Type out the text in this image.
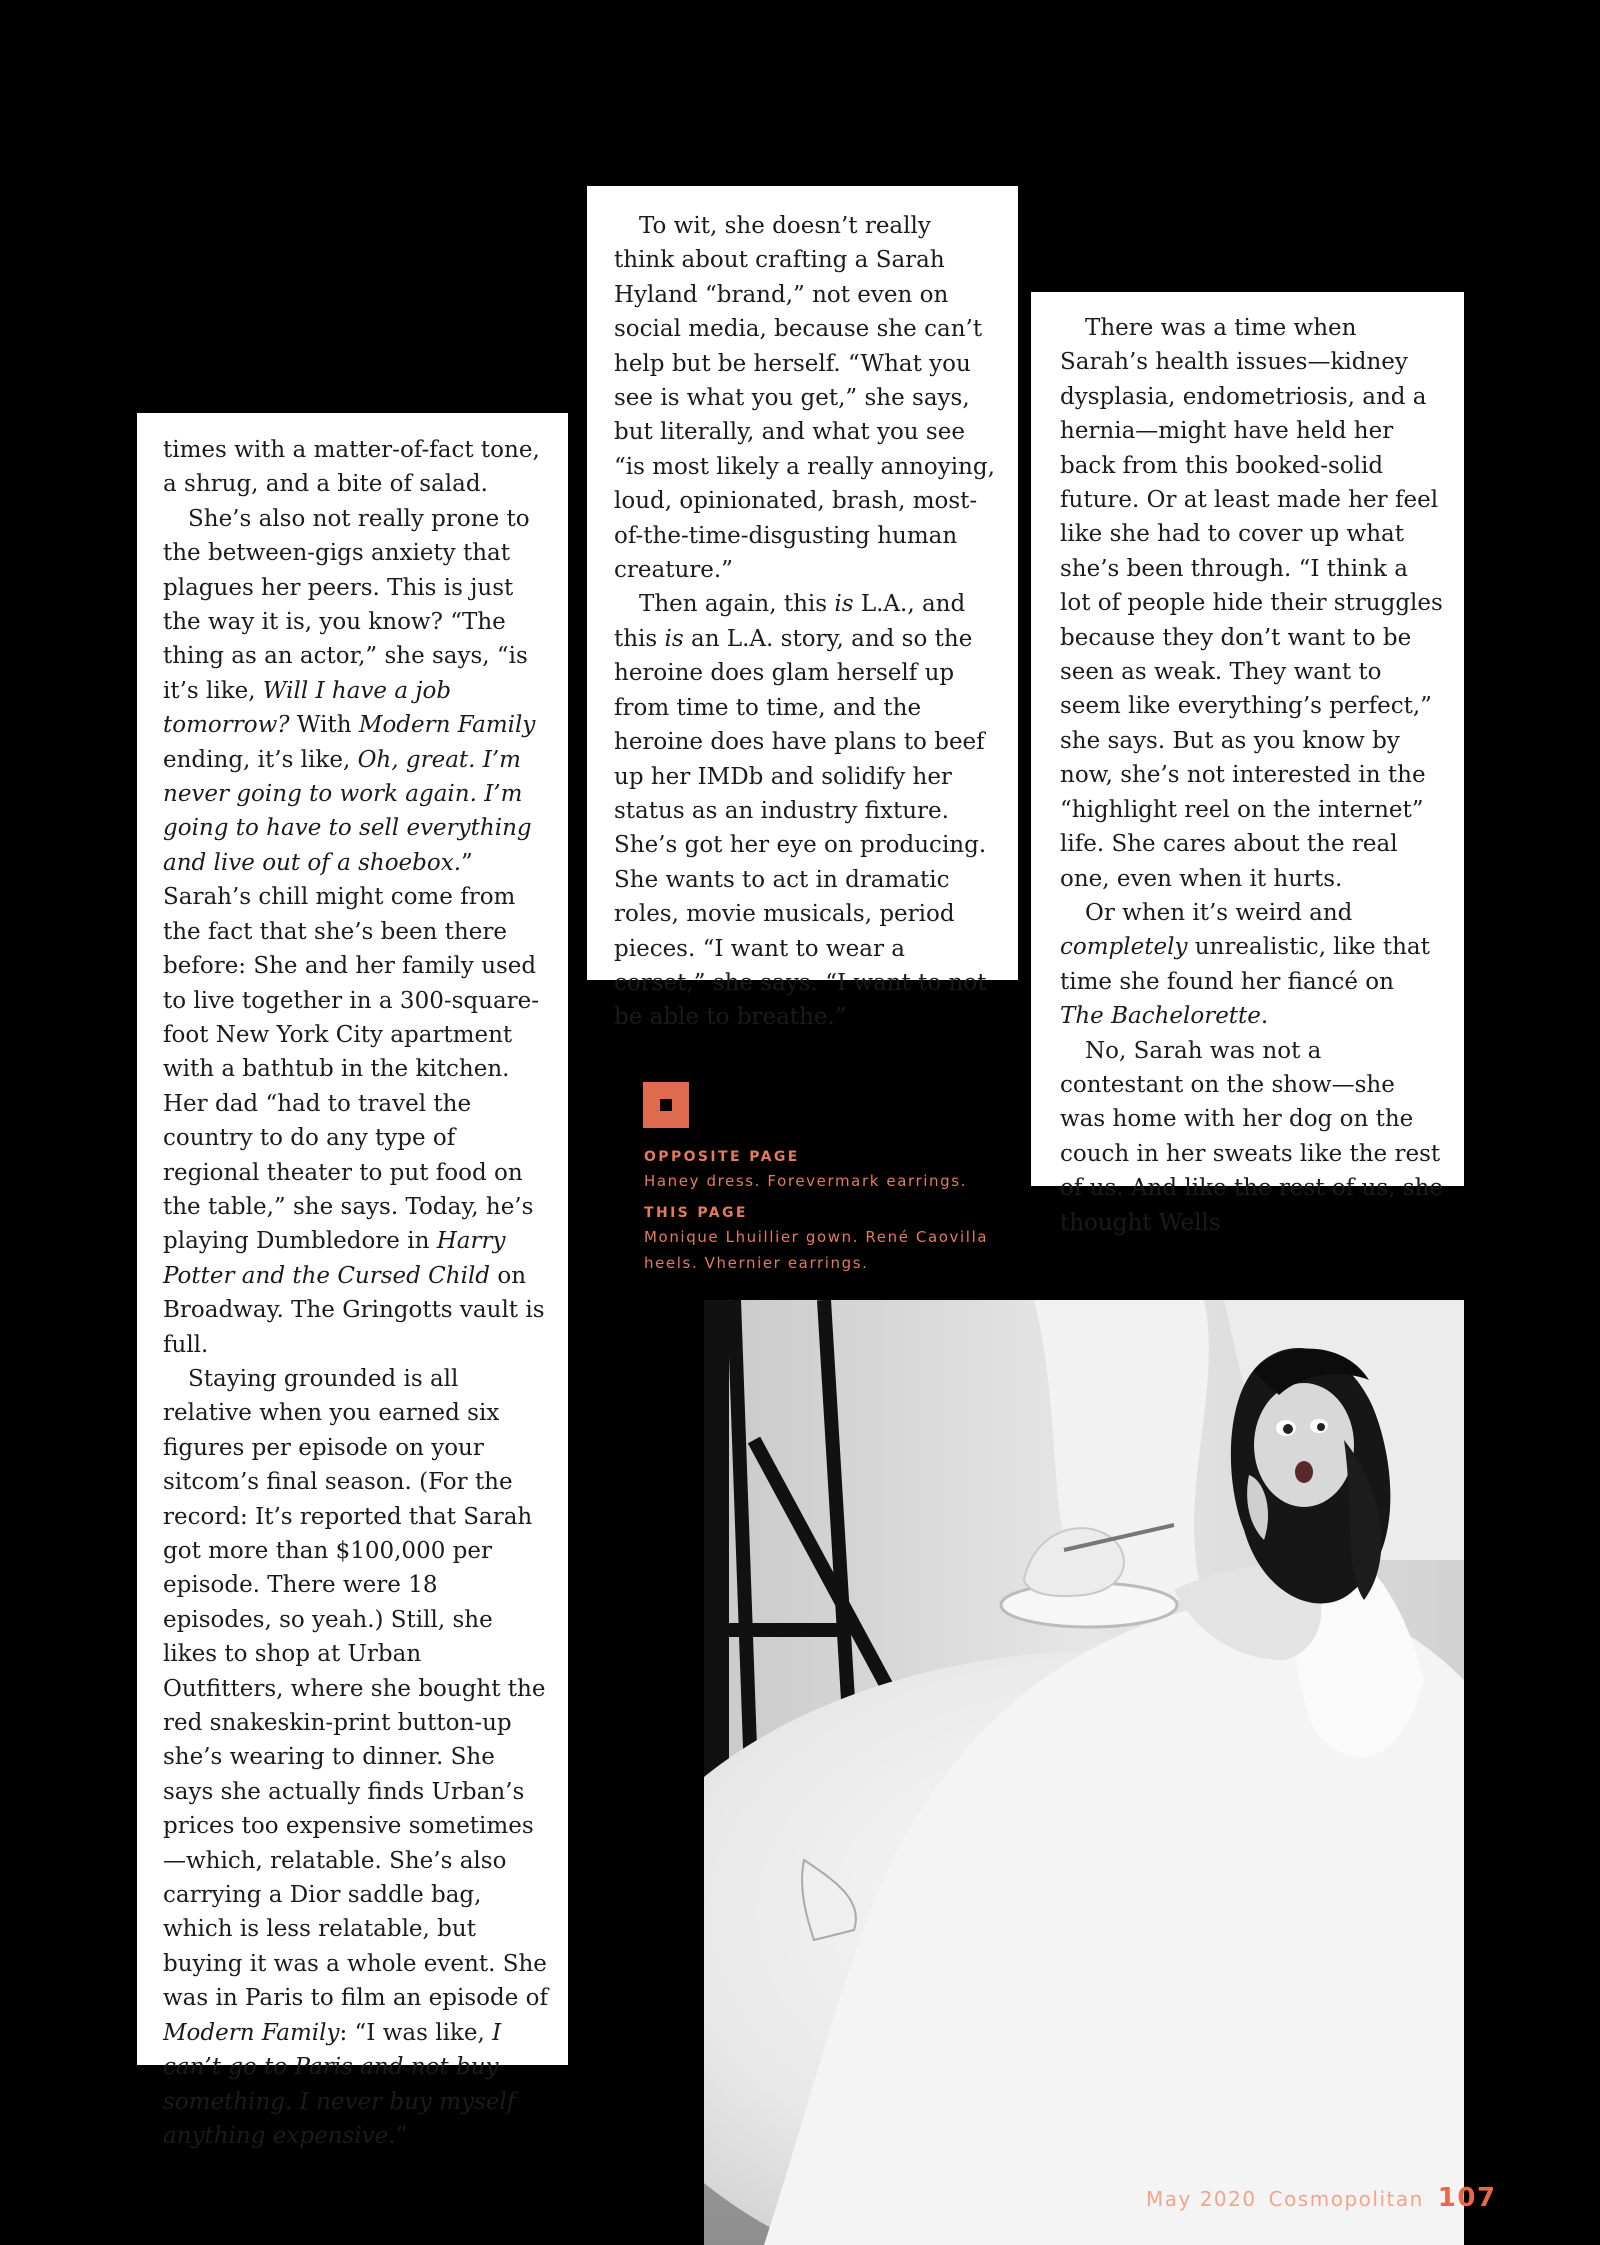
times with a matter-of-fact tone, a shrug, and a bite of salad.

She’s also not really prone to the between-gigs anxiety that plagues her peers. This is just the way it is, you know? “The thing as an actor,” she says, “is it’s like, Will I have a job tomorrow? With Modern Family ending, it’s like, Oh, great. I’m never going to work again. I’m going to have to sell everything and live out of a shoebox.” Sarah’s chill might come from the fact that she’s been there before: She and her family used to live together in a 300-square-foot New York City apartment with a bathtub in the kitchen. Her dad “had to travel the country to do any type of regional theater to put food on the table,” she says. Today, he’s playing Dumbledore in Harry Potter and the Cursed Child on Broadway. The Gringotts vault is full.

Staying grounded is all relative when you earned six figures per episode on your sitcom’s final season. (For the record: It’s reported that Sarah got more than $100,000 per episode. There were 18 episodes, so yeah.) Still, she likes to shop at Urban Outfitters, where she bought the red snakeskin-print button-up she’s wearing to dinner. She says she actually finds Urban’s prices too expensive sometimes—which, relatable. She’s also carrying a Dior saddle bag, which is less relatable, but buying it was a whole event. She was in Paris to film an episode of Modern Family: “I was like, I can’t go to Paris and not buy something. I never buy myself anything expensive.”

To wit, she doesn’t really think about crafting a Sarah Hyland “brand,” not even on social media, because she can’t help but be herself. “What you see is what you get,” she says, but literally, and what you see “is most likely a really annoying, loud, opinionated, brash, most-of-the-time-disgusting human creature.”

Then again, this is L.A., and this is an L.A. story, and so the heroine does glam herself up from time to time, and the heroine does have plans to beef up her IMDb and solidify her status as an industry fixture. She’s got her eye on producing. She wants to act in dramatic roles, movie musicals, period pieces. “I want to wear a corset,” she says. “I want to not be able to breathe.”

There was a time when Sarah’s health issues—kidney dysplasia, endometriosis, and a hernia—might have held her back from this booked-solid future. Or at least made her feel like she had to cover up what she’s been through. “I think a lot of people hide their struggles because they don’t want to be seen as weak. They want to seem like everything’s perfect,” she says. But as you know by now, she’s not interested in the “highlight reel on the internet” life. She cares about the real one, even when it hurts.

Or when it’s weird and completely unrealistic, like that time she found her fiancé on The Bachelorette.

No, Sarah was not a contestant on the show—she was home with her dog on the couch in her sweats like the rest of us. And like the rest of us, she thought Wells

OPPOSITE PAGE
Haney dress. Forevermark earrings.
THIS PAGE
Monique Lhuillier gown. René Caovilla heels. Vhernier earrings.
May 2020 Cosmopolitan 107
